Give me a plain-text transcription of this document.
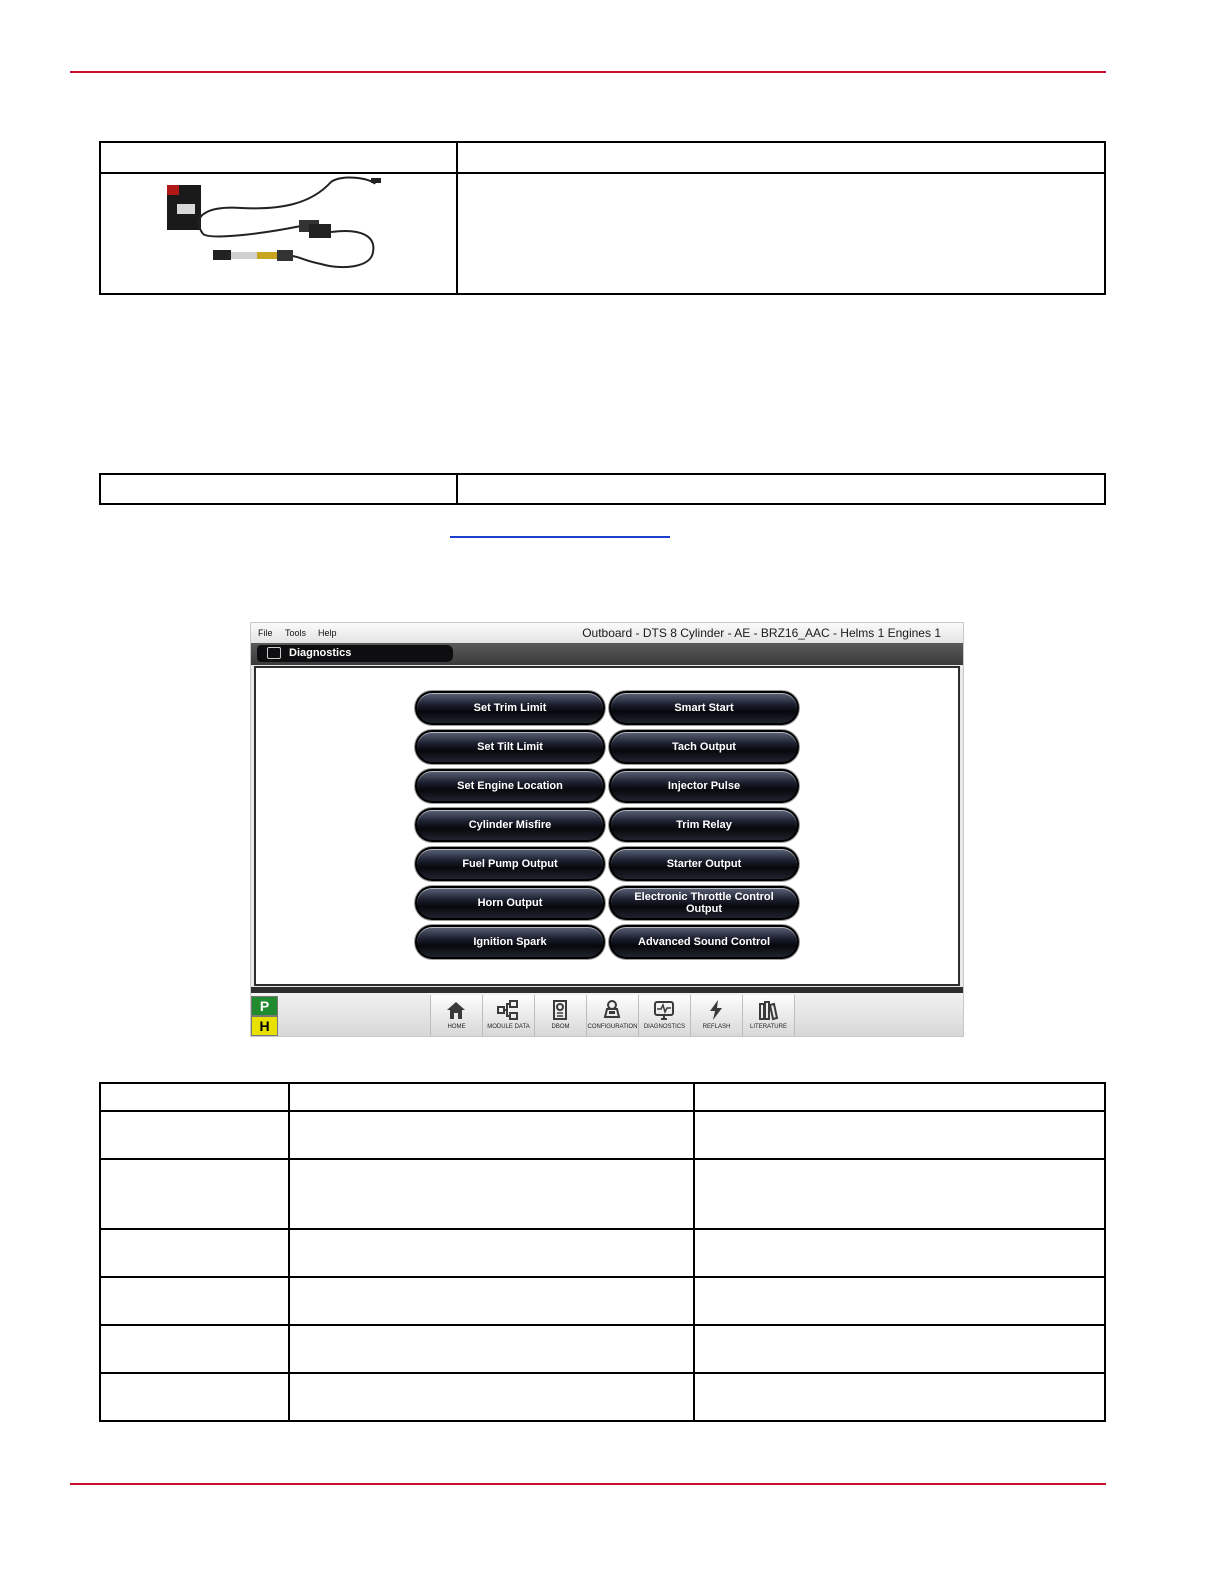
File Tools Help	Outboard - DTS 8 Cylinder - AE - BRZ16_AAC - Helms 1 Engines 1
Diagnostics
Set Trim Limit
Set Tilt Limit
Set Engine Location
Cylinder Misfire
Fuel Pump Output
Horn Output
Ignition Spark
Smart Start
Tach Output
Injector Pulse
Trim Relay
Starter Output
Electronic Throttle Control Output
Advanced Sound Control
P
H	HOME	MODULE DATA	DBOM	CONFIGURATION	DIAGNOSTICS	REFLASH	LITERATURE
